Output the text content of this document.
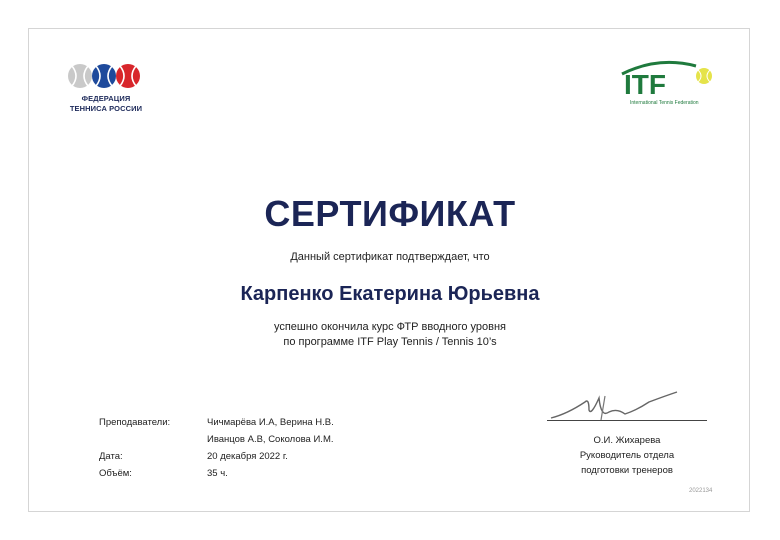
ФЕДЕРАЦИЯ
ТЕННИСА РОССИИ
ITF
International Tennis Federation
СЕРТИФИКАТ
Данный сертификат подтверждает, что
Карпенко Екатерина Юрьевна
успешно окончила курс ФТР вводного уровня
по программе ITF Play Tennis / Tennis 10’s
Преподаватели:	Чичмарёва И.А, Верина Н.В.
Иванцов А.В, Соколова И.М.
Дата:	20 декабря 2022 г.
Объём:	35 ч.
О.И. Жихарева
Руководитель отдела
подготовки тренеров
2022134
